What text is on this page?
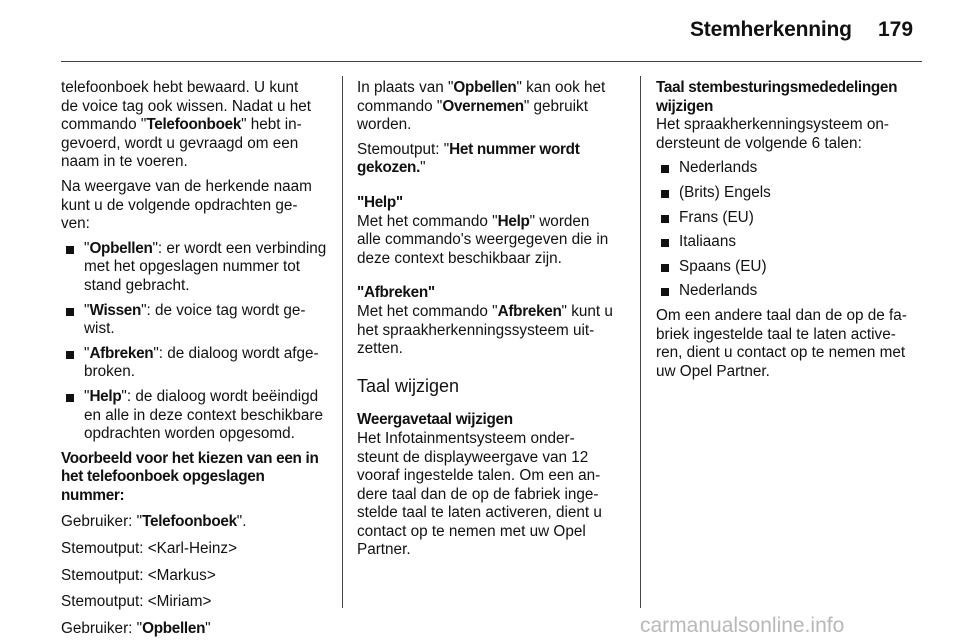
Stemherkenning 179

telefoonboek hebt bewaard. U kunt
de voice tag ook wissen. Nadat u het
commando "Telefoonboek" hebt in-
gevoerd, wordt u gevraagd om een
naam in te voeren.

Na weergave van de herkende naam
kunt u de volgende opdrachten ge-
ven:

"Opbellen": er wordt een verbinding
met het opgeslagen nummer tot
stand gebracht.
"Wissen": de voice tag wordt ge-
wist.
"Afbreken": de dialoog wordt afge-
broken.
"Help": de dialoog wordt beëindigd
en alle in deze context beschikbare
opdrachten worden opgesomd.

Voorbeeld voor het kiezen van een in
het telefoonboek opgeslagen
nummer:

Gebruiker: "Telefoonboek".

Stemoutput: <Karl-Heinz>

Stemoutput: <Markus>

Stemoutput: <Miriam>

Gebruiker: "Opbellen"

In plaats van "Opbellen" kan ook het
commando "Overnemen" gebruikt
worden.

Stemoutput: "Het nummer wordt
gekozen."

"Help"

Met het commando "Help" worden
alle commando's weergegeven die in
deze context beschikbaar zijn.

"Afbreken"

Met het commando "Afbreken" kunt u
het spraakherkenningssysteem uit-
zetten.

Taal wijzigen

Weergavetaal wijzigen

Het Infotainmentsysteem onder-
steunt de displayweergave van 12
vooraf ingestelde talen. Om een an-
dere taal dan de op de fabriek inge-
stelde taal te laten activeren, dient u
contact op te nemen met uw Opel
Partner.

Taal stembesturingsmededelingen
wijzigen

Het spraakherkenningsysteem on-
dersteunt de volgende 6 talen:

Nederlands
(Brits) Engels
Frans (EU)
Italiaans
Spaans (EU)
Nederlands

Om een andere taal dan de op de fa-
briek ingestelde taal te laten active-
ren, dient u contact op te nemen met
uw Opel Partner.

carmanualsonline.info
